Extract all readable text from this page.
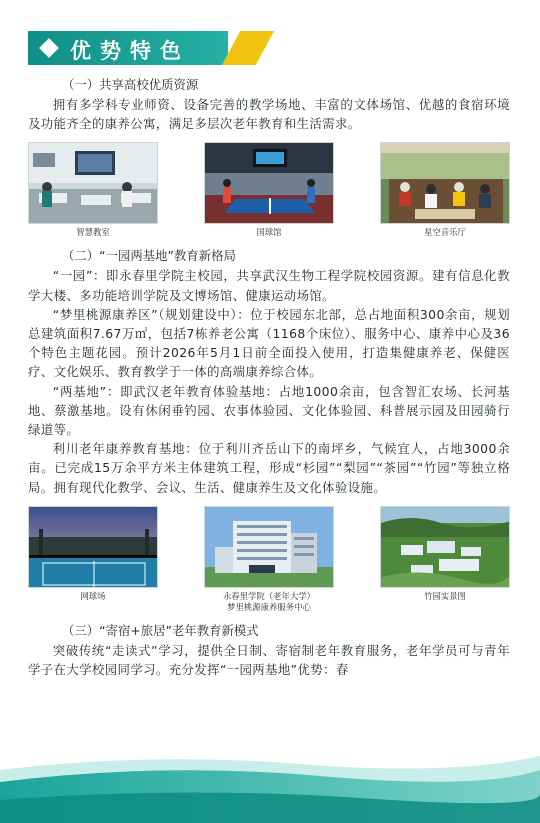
优势特色
（一）共享高校优质资源

拥有多学科专业师资、设备完善的教学场地、丰富的文体场馆、优越的食宿环境及功能齐全的康养公寓，满足多层次老年教育和生活需求。

智慧教室	国球馆	星空音乐厅
（二）“一园两基地”教育新格局

“一园”：即永春里学院主校园，共享武汉生物工程学院校园资源。建有信息化教学大楼、多功能培训学院及文博场馆、健康运动场馆。

“梦里桃源康养区”（规划建设中）：位于校园东北部，总占地面积300余亩，规划总建筑面积7.67万㎡，包括7栋养老公寓（1168个床位）、服务中心、康养中心及36个特色主题花园。预计2026年5月1日前全面投入使用，打造集健康养老、保健医疗、文化娱乐、教育教学于一体的高端康养综合体。

“两基地”：即武汉老年教育体验基地：占地1000余亩，包含智汇农场、长河基地、蔡激基地。设有休闲垂钓园、农事体验园、文化体验园、科普展示园及田园骑行绿道等。

利川老年康养教育基地：位于利川齐岳山下的南坪乡，气候宜人，占地3000余亩。已完成15万余平方米主体建筑工程，形成“杉园”“梨园”“茶园”“竹园”等独立格局。拥有现代化教学、会议、生活、健康养生及文化体验设施。

网球场	永春里学院（老年大学）
梦里桃源康养服务中心
竹园实景图
（三）“寄宿+旅居”老年教育新模式

突破传统“走读式”学习，提供全日制、寄宿制老年教育服务，老年学员可与青年学子在大学校园同学习。充分发挥“一园两基地”优势：春
